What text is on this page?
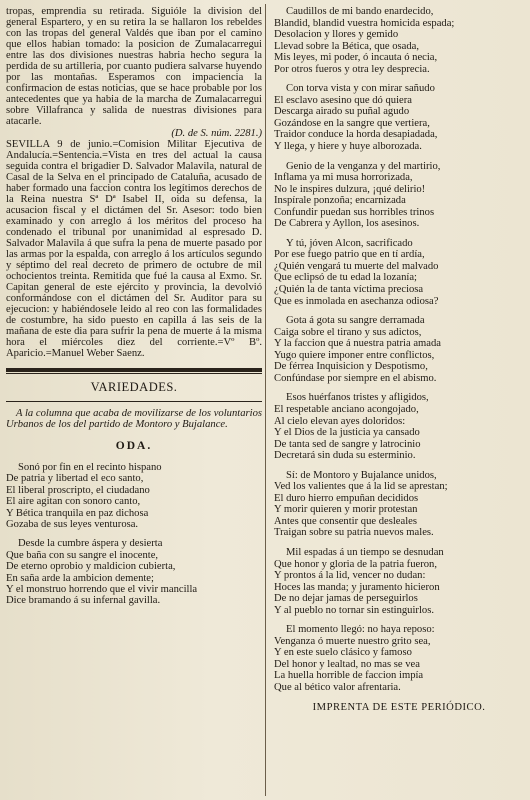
tropas, emprendia su retirada. Siguióle la division del general Espartero, y en su retira la se hallaron los rebeldes con las tropas del general Valdés que iban por el camino que ellos habian tomado: la posicion de Zumalacarregui entre las dos divisiones nuestras habria hecho segura la perdida de su artilleria, por cuanto pudiera salvarse huyendo por las montañas. Esperamos con impaciencia la confirmacion de estas noticias, que se hace probable por los antecedentes que ya habia de la marcha de Zumalacarregui sobre Villafranca y salida de nuestras divisiones para atacarle.
(D. de S. núm. 2281.)

SEVILLA 9 de junio.=Comision Militar Ejecutiva de Andalucía.=Sentencia.=Vista en tres del actual la causa seguida contra el brigadier D. Salvador Malavila, natural de Casal de la Selva en el principado de Cataluña, acusado de haber formado una faccion contra los legítimos derechos de la Reina nuestra Sª Dª Isabel II, oida su defensa, la acusacion fiscal y el dictámen del Sr. Asesor: todo bien examinado y con arreglo á los méritos del proceso ha condenado el tribunal por unanimidad al espresado D. Salvador Malavila á que sufra la pena de muerte pasado por las armas por la espalda, con arreglo á los artículos segundo y séptimo del real decreto de primero de octubre de mil ochocientos treinta. Remitida que fué la causa al Exmo. Sr. Capitan general de este ejército y provincia, la devolvió conformándose con el dictámen del Sr. Auditor para su ejecucion: y habiéndosele leido al reo con las formalidades de costumbre, ha sido puesto en capilla á las seis de la mañana de este dia para sufrir la pena de muerte á la misma hora el miércoles diez del corriente.=Vº Bº. Aparicio.=Manuel Weber Saenz.

VARIEDADES.

A la columna que acaba de movilizarse de los voluntarios Urbanos de los del partido de Montoro y Bujalance.

ODA.
Sonó por fin en el recinto hispano
De patria y libertad el eco santo,
El liberal proscripto, el ciudadano
El aire agitan con sonoro canto,
Y Bética tranquila en paz dichosa
Gozaba de sus leyes venturosa.
Desde la cumbre áspera y desierta
Que baña con su sangre el inocente,
De eterno oprobio y maldicion cubierta,
En saña arde la ambicion demente;
Y el monstruo horrendo que el vivir mancilla
Dice bramando á su infernal gavilla.
Caudillos de mi bando enardecido,
Blandid, blandid vuestra homicida espada;
Desolacion y llores y gemido
Llevad sobre la Bética, que osada,
Mis leyes, mi poder, ó incauta ó necia,
Por otros fueros y otra ley desprecia.
Con torva vista y con mirar sañudo
El esclavo asesino que dó quiera
Descarga airado su puñal agudo
Gozándose en la sangre que vertiera,
Traidor conduce la horda desapiadada,
Y llega, y hiere y huye alborozada.
Genio de la venganza y del martirio,
Inflama ya mi musa horrorizada,
No le inspires dulzura, ¡qué delirio!
Inspírale ponzoña; encarnizada
Confundir puedan sus horribles trinos
De Cabrera y Ayllon, los asesinos.
Y tú, jóven Alcon, sacrificado
Por ese fuego patrio que en tí ardía,
¿Quién vengará tu muerte del malvado
Que eclipsó de tu edad la lozanía;
¿Quién la de tanta víctima preciosa
Que es inmolada en asechanza odiosa?
Gota á gota su sangre derramada
Caiga sobre el tirano y sus adictos,
Y la faccion que á nuestra patria amada
Yugo quiere imponer entre conflictos,
De férrea Inquisicion y Despotismo,
Confúndase por siempre en el abismo.
Esos huérfanos tristes y afligidos,
El respetable anciano acongojado,
Al cielo elevan ayes doloridos:
Y el Dios de la justicia ya cansado
De tanta sed de sangre y latrocinio
Decretará sin duda su esterminio.
Sí: de Montoro y Bujalance unidos,
Ved los valientes que á la lid se aprestan;
El duro hierro empuñan decididos
Y morir quieren y morir protestan
Antes que consentir que desleales
Traigan sobre su patria nuevos males.
Mil espadas á un tiempo se desnudan
Que honor y gloria de la patria fueron,
Y prontos á la lid, vencer no dudan:
Hoces las manda; y juramento hicieron
De no dejar jamas de perseguirlos
Y al pueblo no tornar sin estinguirlos.
El momento llegó: no haya reposo:
Venganza ó muerte nuestro grito sea,
Y en este suelo clásico y famoso
Del honor y lealtad, no mas se vea
La huella horrible de faccion impía
Que al bético valor afrentaria.
IMPRENTA DE ESTE PERIÓDICO.
